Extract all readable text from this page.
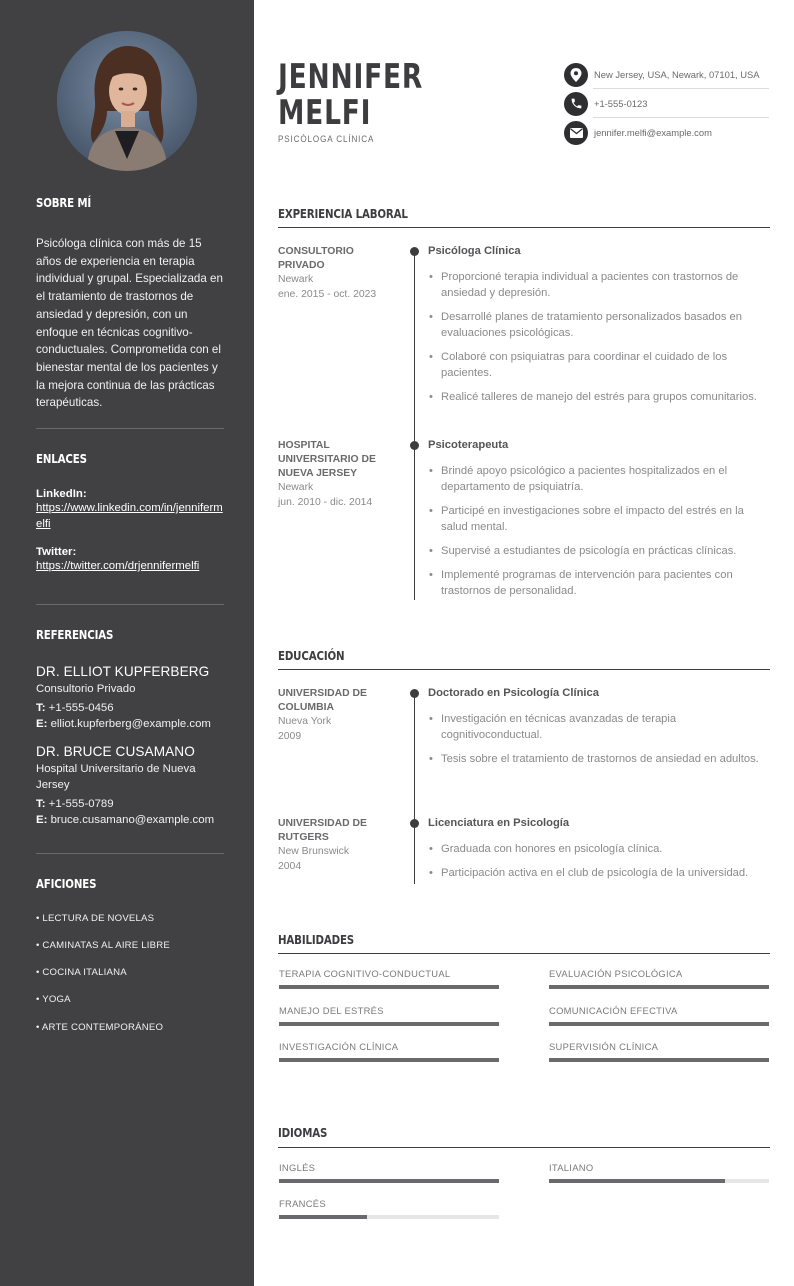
SOBRE MÍ

Psicóloga clínica con más de 15 años de experiencia en terapia individual y grupal. Especializada en el tratamiento de trastornos de ansiedad y depresión, con un enfoque en técnicas cognitivo-conductuales. Comprometida con el bienestar mental de los pacientes y la mejora continua de las prácticas terapéuticas.

ENLACES
LinkedIn:
https://www.linkedin.com/in/jennifermelfi
Twitter:
https://twitter.com/drjennifermelfi
REFERENCIAS
DR. ELLIOT KUPFERBERG
Consultorio Privado
T: +1-555-0456
E: elliot.kupferberg@example.com
DR. BRUCE CUSAMANO
Hospital Universitario de Nueva Jersey
T: +1-555-0789
E: bruce.cusamano@example.com
AFICIONES
• LECTURA DE NOVELAS
• CAMINATAS AL AIRE LIBRE
• COCINA ITALIANA
• YOGA
• ARTE CONTEMPORÁNEO
JENNIFER
MELFI
PSICÓLOGA CLÍNICA
New Jersey, USA, Newark, 07101, USA
+1-555-0123
jennifer.melfi@example.com
EXPERIENCIA LABORAL
CONSULTORIO PRIVADO
Newark
ene. 2015 - oct. 2023
Psicóloga Clínica
• Proporcioné terapia individual a pacientes con trastornos de ansiedad y depresión.
• Desarrollé planes de tratamiento personalizados basados en evaluaciones psicológicas.
• Colaboré con psiquiatras para coordinar el cuidado de los pacientes.
• Realicé talleres de manejo del estrés para grupos comunitarios.
HOSPITAL UNIVERSITARIO DE NUEVA JERSEY
Newark
jun. 2010 - dic. 2014
Psicoterapeuta
• Brindé apoyo psicológico a pacientes hospitalizados en el departamento de psiquiatría.
• Participé en investigaciones sobre el impacto del estrés en la salud mental.
• Supervisé a estudiantes de psicología en prácticas clínicas.
• Implementé programas de intervención para pacientes con trastornos de personalidad.
EDUCACIÓN
UNIVERSIDAD DE COLUMBIA
Nueva York
2009
Doctorado en Psicología Clínica
• Investigación en técnicas avanzadas de terapia cognitivoconductual.
• Tesis sobre el tratamiento de trastornos de ansiedad en adultos.
UNIVERSIDAD DE RUTGERS
New Brunswick
2004
Licenciatura en Psicología
• Graduada con honores en psicología clínica.
• Participación activa en el club de psicología de la universidad.
HABILIDADES
TERAPIA COGNITIVO-CONDUCTUAL	EVALUACIÓN PSICOLÓGICA
MANEJO DEL ESTRÉS	COMUNICACIÓN EFECTIVA
INVESTIGACIÓN CLÍNICA	SUPERVISIÓN CLÍNICA
IDIOMAS
INGLÉS	ITALIANO
FRANCÉS
